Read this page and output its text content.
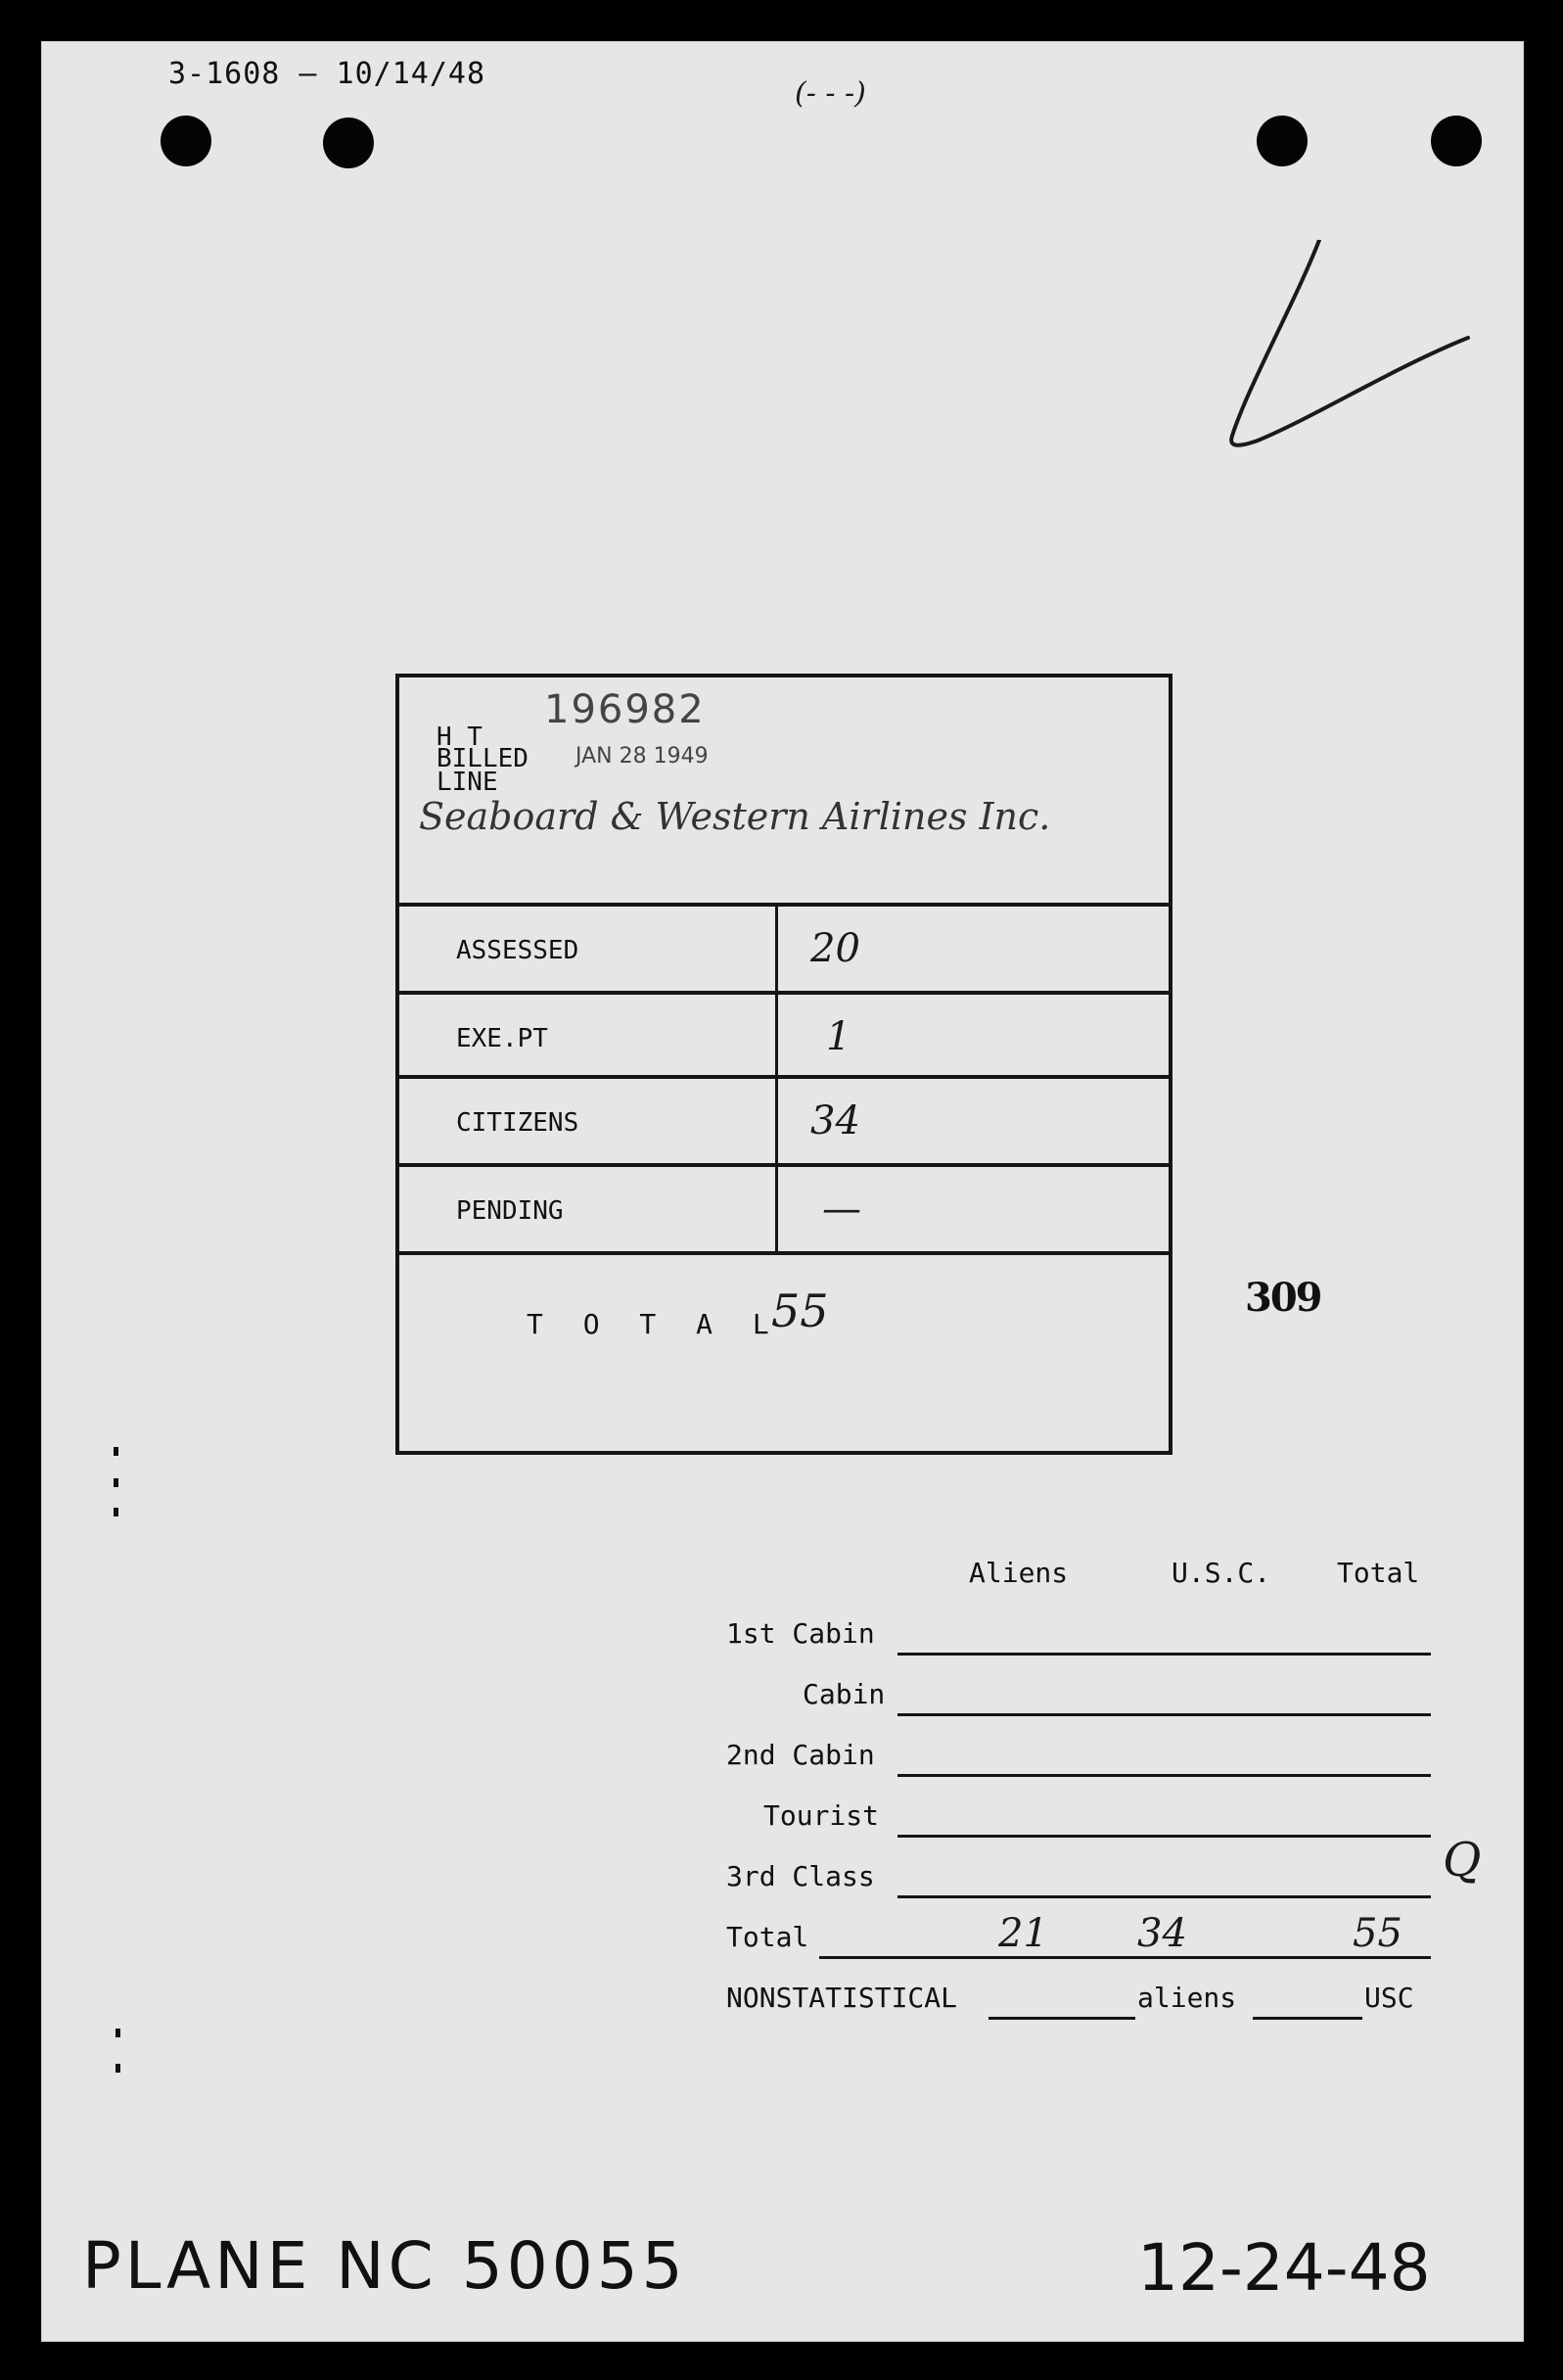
3-1608 — 10/14/48
(- - -)
H T
196982
BILLED JAN 28 1949
LINE
Seaboard & Western Airlines Inc.
ASSESSED	20
EXE.PT	1
CITIZENS	34
PENDING	—
T O T A L
55	309
Aliens	U.S.C. Total
1st Cabin
Cabin
2nd Cabin
Tourist
3rd Class
Total	21 34	55
NONSTATISTICAL	aliens	USC
Q
PLANE NC 50055	12-24-48
